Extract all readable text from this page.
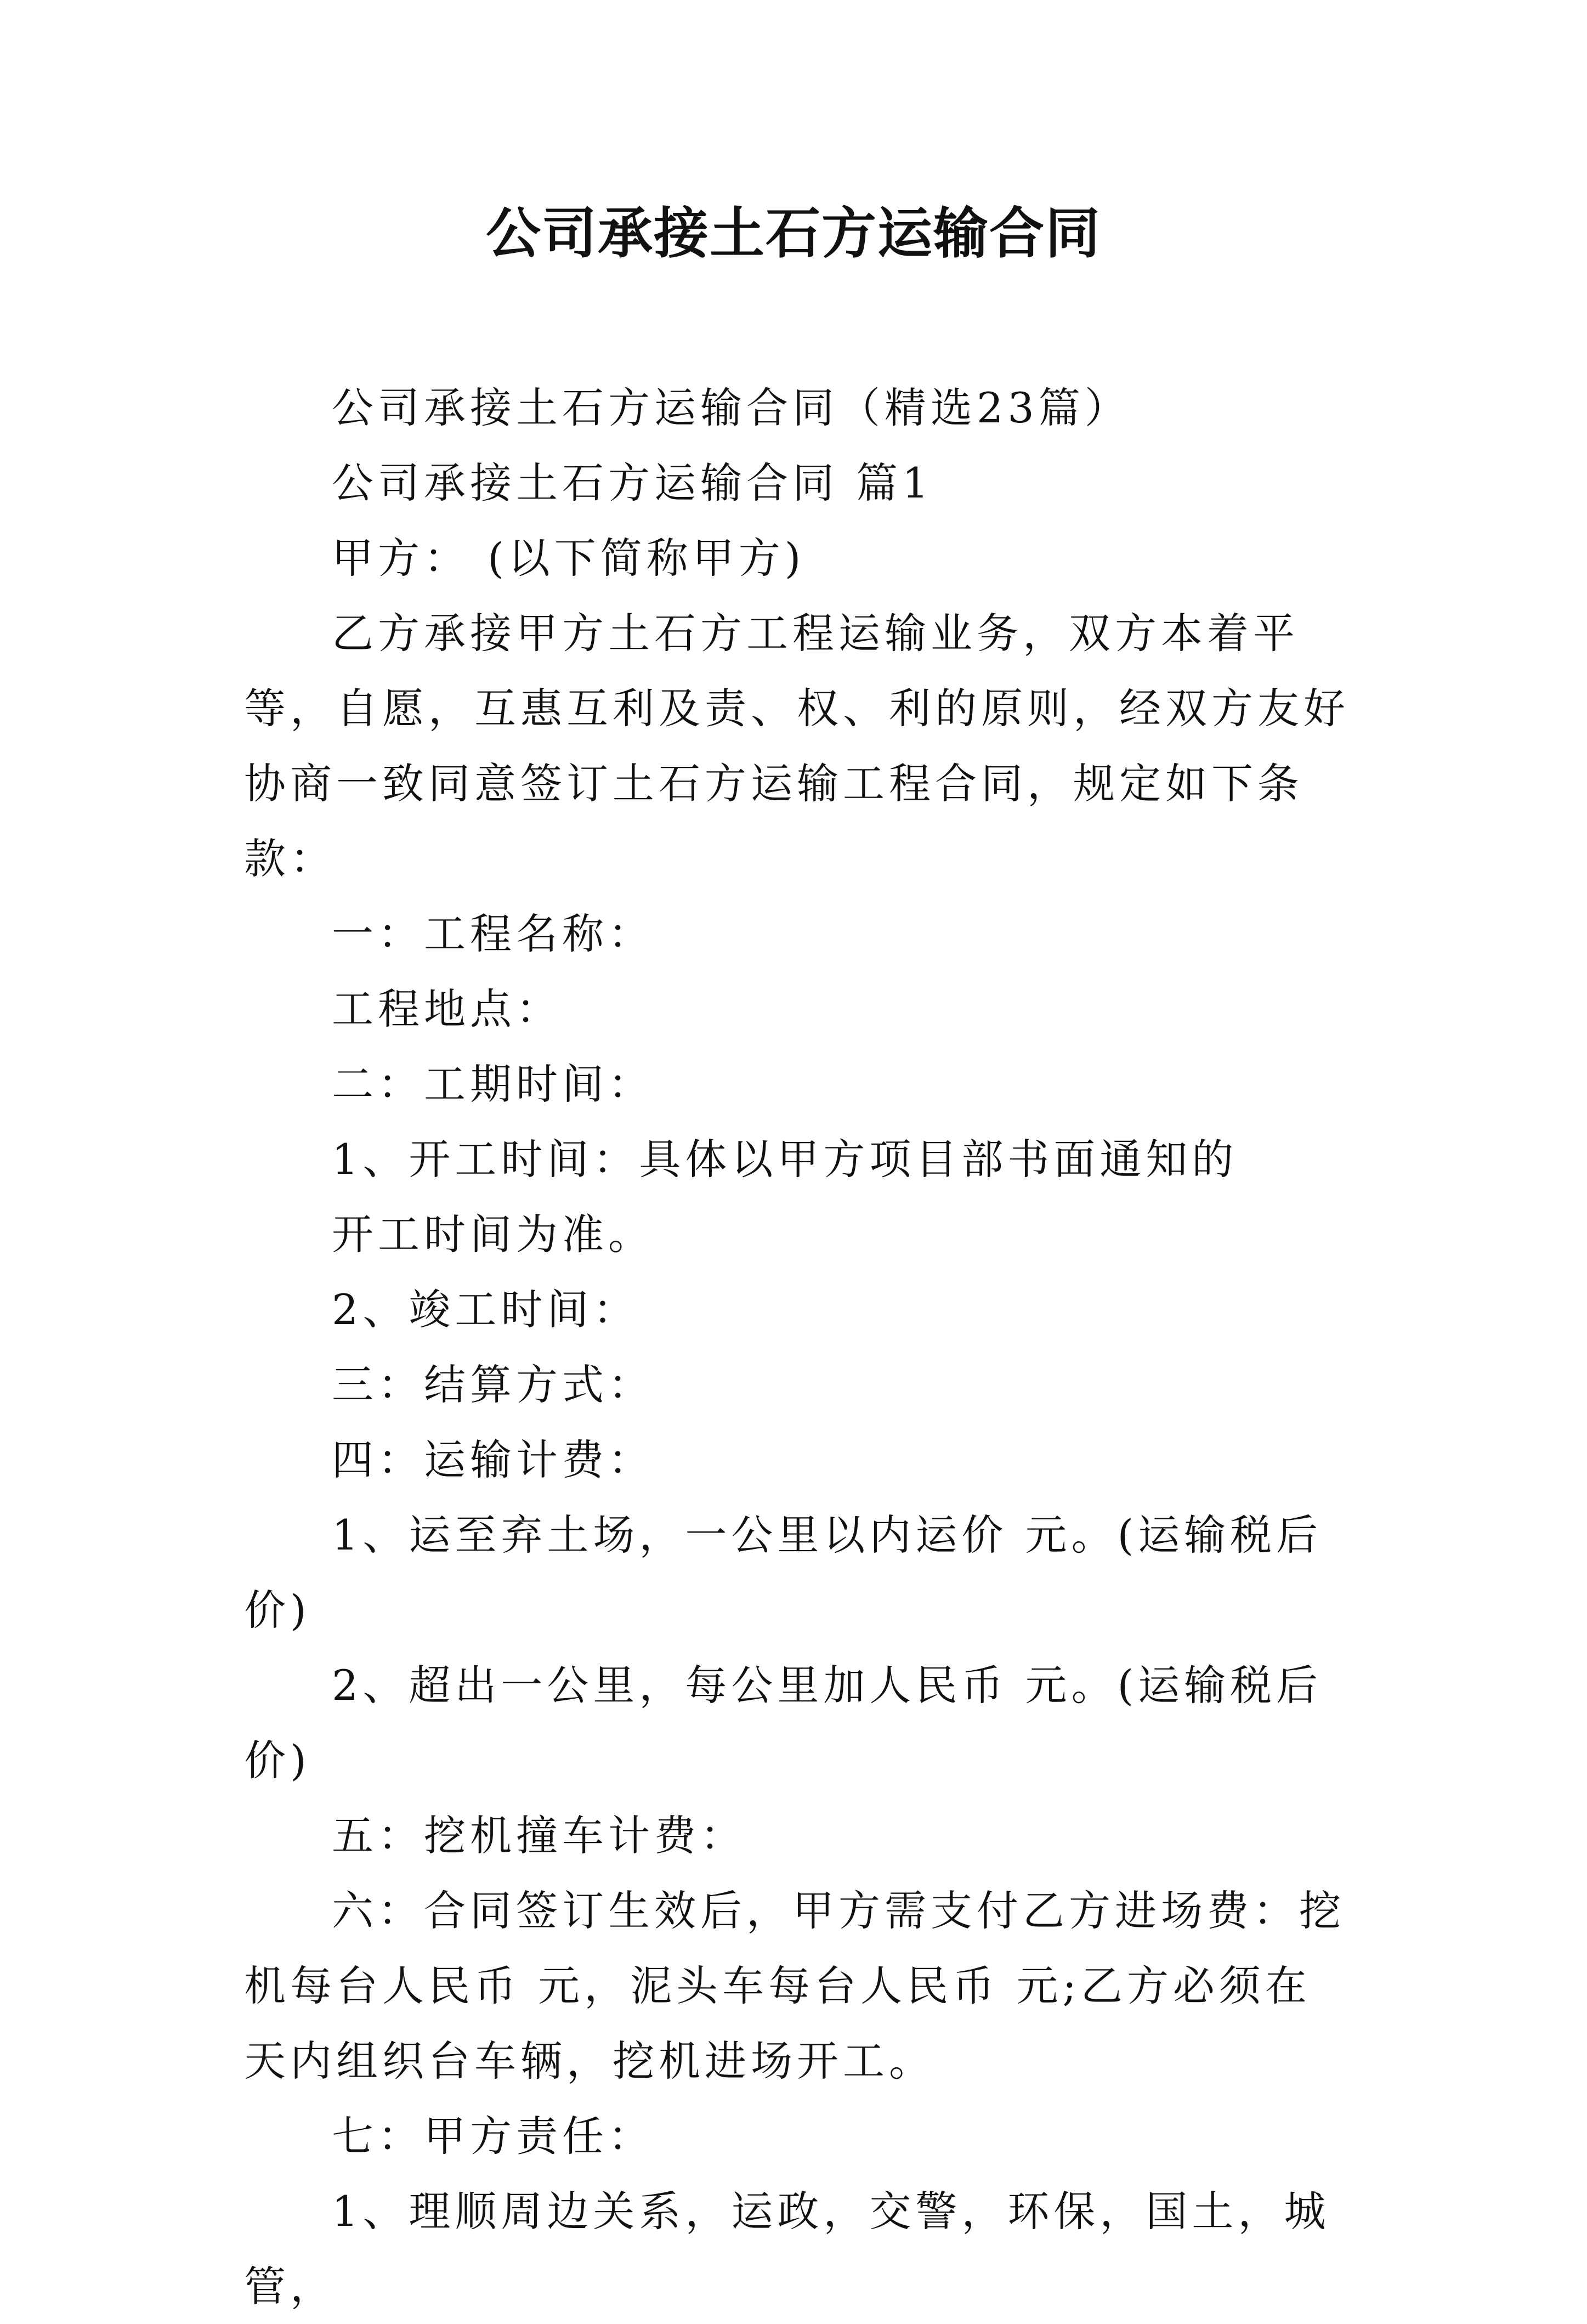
公司承接土石方运输合同

公司承接土石方运输合同（精选23篇）

公司承接土石方运输合同 篇1

甲方： (以下简称甲方)

乙方承接甲方土石方工程运输业务，双方本着平等，自愿，互惠互利及责、权、利的原则，经双方友好协商一致同意签订土石方运输工程合同，规定如下条款：

一：工程名称：

工程地点：

二：工期时间：

1、开工时间：具体以甲方项目部书面通知的

开工时间为准。

2、竣工时间：

三：结算方式：

四：运输计费：

1、运至弃土场，一公里以内运价 元。(运输税后价)

2、超出一公里，每公里加人民币 元。(运输税后价)

五：挖机撞车计费：

六：合同签订生效后，甲方需支付乙方进场费：挖机每台人民币 元，泥头车每台人民币 元;乙方必须在 天内组织台车辆，挖机进场开工。

七：甲方责任：

1、理顺周边关系，运政，交警，环保，国土，城管，
